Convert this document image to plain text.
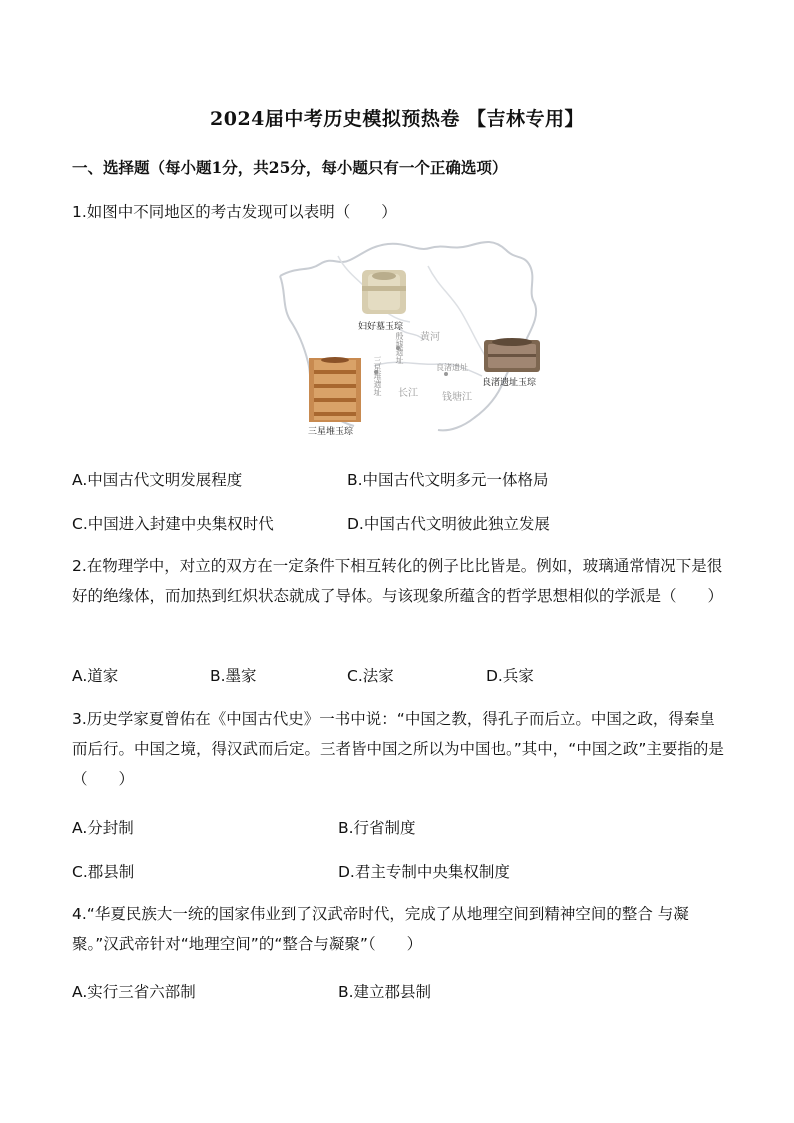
2024届中考历史模拟预热卷 【吉林专用】
一、选择题（每小题1分，共25分，每小题只有一个正确选项）
1.如图中不同地区的考古发现可以表明（　　）
妇好墓玉琮
三星堆玉琮
良渚遗址玉琮
殷墟遗址
三星堆遗址	良渚遗址
黄河
长江 钱塘江
A.中国古代文明发展程度	B.中国古代文明多元一体格局
C.中国进入封建中央集权时代	D.中国古代文明彼此独立发展
2.在物理学中，对立的双方在一定条件下相互转化的例子比比皆是。例如，玻璃通常情况下是很好的绝缘体，而加热到红炽状态就成了导体。与该现象所蕴含的哲学思想相似的学派是（　　）
A.道家	B.墨家	C.法家	D.兵家
3.历史学家夏曾佑在《中国古代史》一书中说：“中国之教，得孔子而后立。中国之政，得秦皇而后行。中国之境，得汉武而后定。三者皆中国之所以为中国也。”其中，“中国之政”主要指的是（　　）
A.分封制	B.行省制度
C.郡县制	D.君主专制中央集权制度
4.“华夏民族大一统的国家伟业到了汉武帝时代，完成了从地理空间到精神空间的整合 与凝聚。”汉武帝针对“地理空间”的“整合与凝聚”（　　）
A.实行三省六部制	B.建立郡县制
